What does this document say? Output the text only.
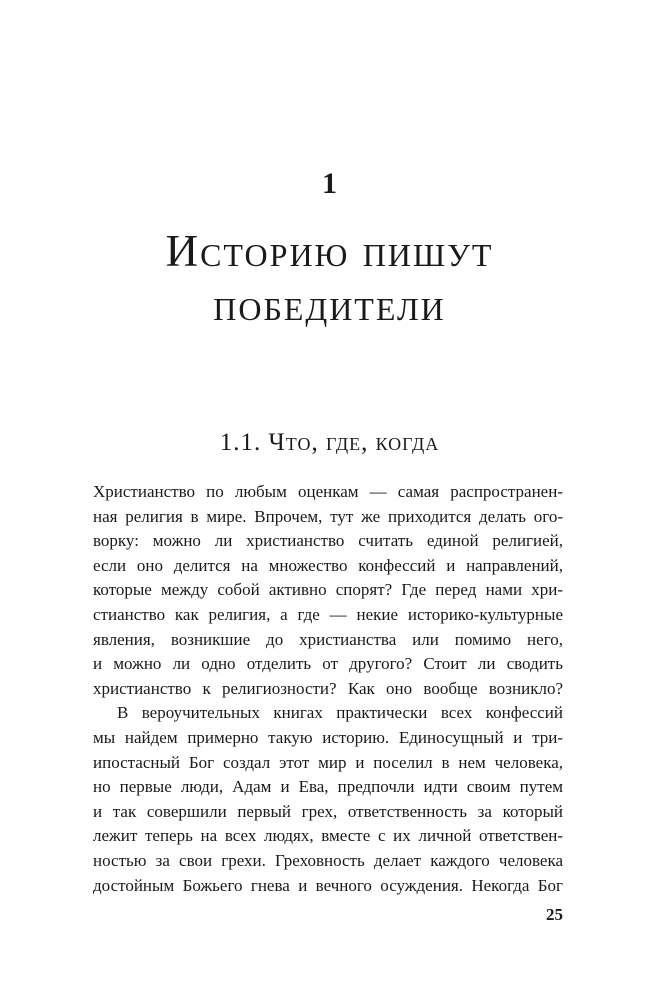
1
Историю пишут
победители
1.1. Что, где, когда
Христианство по любым оценкам — самая распространен-
ная религия в мире. Впрочем, тут же приходится делать ого-
ворку: можно ли христианство считать единой религией,
если оно делится на множество конфессий и направлений,
которые между собой активно спорят? Где перед нами хри-
стианство как религия, а где — некие историко-культурные
явления, возникшие до христианства или помимо него,
и можно ли одно отделить от другого? Стоит ли сводить
христианство к религиозности? Как оно вообще возникло?
В вероучительных книгах практически всех конфессий
мы найдем примерно такую историю. Единосущный и три-
ипостасный Бог создал этот мир и поселил в нем человека,
но первые люди, Адам и Ева, предпочли идти своим путем
и так совершили первый грех, ответственность за который
лежит теперь на всех людях, вместе с их личной ответствен-
ностью за свои грехи. Греховность делает каждого человека
достойным Божьего гнева и вечного осуждения. Некогда Бог
25
